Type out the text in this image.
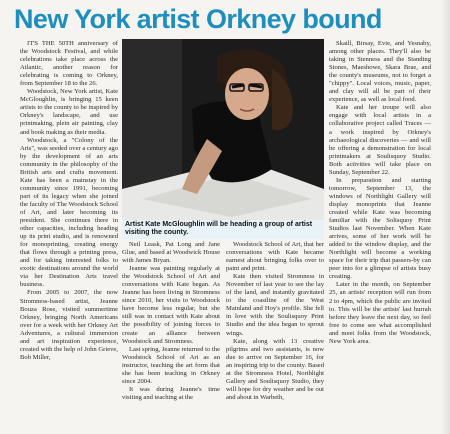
New York artist Orkney bound

IT'S THE 50TH anniversary of the Woodstock Festival, and while celebrations take place across the Atlantic, another reason for celebrating is coming to Orkney, from September 18 to the 26.

Woodstock, New York artist, Kate McGloughlin, is bringing 15 keen artists to the county to be inspired by Orkney's landscape, and use printmaking, plein air painting, clay and book making as their media.

Woodstock, a "Colony of the Arts", was seeded over a century ago by the development of an arts community in the philosophy of the British arts and crafts movement. Kate has been a mainstay in the community since 1991, becoming part of its legacy when she joined the faculty of The Woodstock School of Art, and later becoming its president. She continues there in other capacities, including heading up its print studio, and is renowned for monoprinting, creating energy that flows through a printing press, and for taking interested folks to exotic destinations around the world via her Destination Arts travel business.

From 2005 to 2007, the now Stromness-based artist, Jeanne Bouza Rose, visited summertime Orkney, bringing North Americans over for a week with her Orkney Art Adventures, a cultural immersion and art inspiration experience, created with the help of John Grieve, Bob Miller,

Artist Kate McGloughlin will be heading a group of artist visiting the county.

Neil Leask, Pat Long and Jane Glue, and based at Woodwick House with James Bryan.

Jeanne was painting regularly at the Woodstock School of Art and conversations with Kate began. As Jeanne has been living in Stromness since 2010, her visits to Woodstock have become less regular, but she still was in contact with Kate about the possibility of joining forces to create an alliance between Woodstock and Stromness.

Last spring, Jeanne returned to the Woodstock School of Art as an instructor, teaching the art form that she has been teaching in Orkney since 2004.

It was during Jeanne's time visiting and teaching at the

Woodstock School of Art, that her conversations with Kate became earnest about bringing folks over to paint and print.

Kate then visited Stromness in November of last year to see the lay of the land, and instantly gravitated to the coastline of the West Mainland and Hoy's profile. She fell in love with the Soulisquoy Print Studio and the idea began to sprout wings.

Kate, along with 13 creative pilgrims and two assistants, is now due to arrive on September 16, for an inspiring trip to the county. Based at the Stromness Hotel, Northlight Gallery and Soulisquoy Studio, they will hope for dry weather and be out and about in Warbeth,

Skaill, Birsay, Evie, and Yesnaby, among other places. They'll also be taking in Stenness and the Standing Stones, Maeshowe, Skara Brae, and the county's museums, not to forget a "chippy". Local voices, music, paper, and clay will all be part of their experience, as well as local food.

Kate and her troupe will also engage with local artists in a collaborative project called Traces — a work inspired by Orkney's archaeological discoveries — and will be offering a demonstration for local printmakers at Soulisquoy Studio. Both activities will take place on Sunday, September 22.

In preparation and starting tomorrow, September 13, the windows of Northlight Gallery will display monoprints that Jeanne created while Kate was becoming familiar with the Solisquoy Print Studios last November. When Kate arrives, some of her work will be added to the window display, and the Northlight will become a working space for their trip that passers-by can peer into for a glimpse of artists busy creating.

Later in the month, on September 25, an artists' reception will run from 2 to 4pm, which the public are invited to. This will be the artists' last hurrah before they leave the next day, so feel free to come see what accomplished and meet folks from the Woodstock, New York area.
